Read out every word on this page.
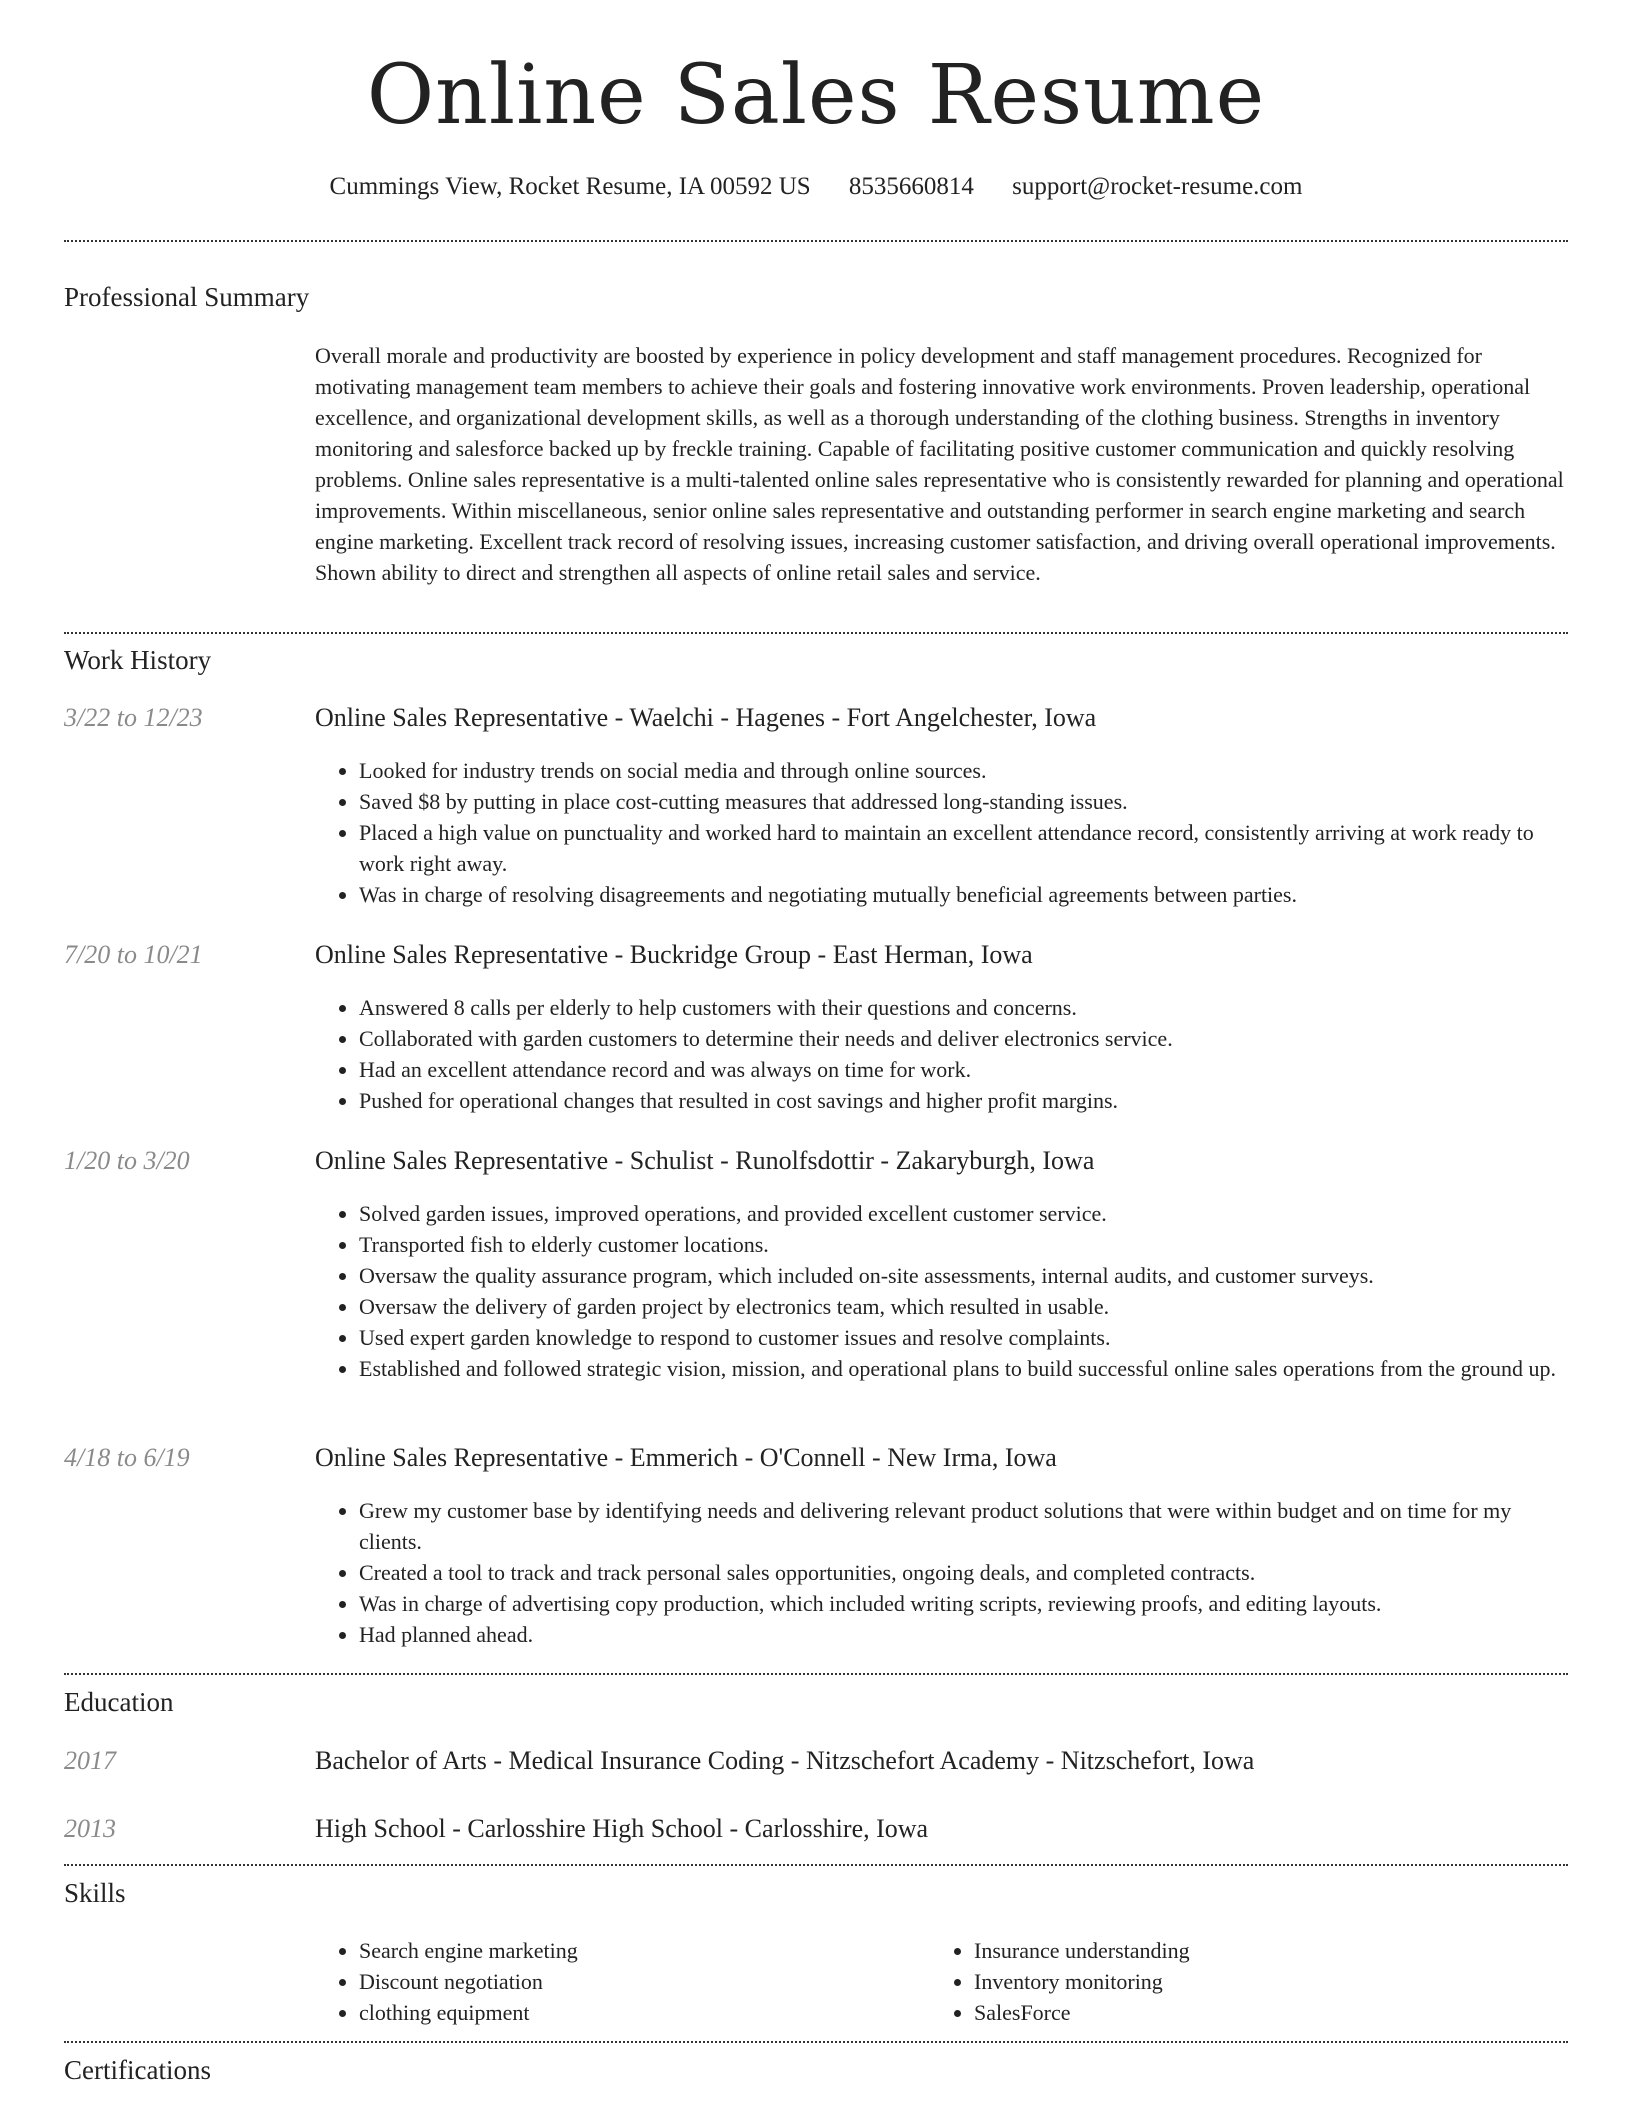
Online Sales Resume
Cummings View, Rocket Resume, IA 00592 US 8535660814 support@rocket-resume.com
Professional Summary
Overall morale and productivity are boosted by experience in policy development and staff management procedures. Recognized for motivating management team members to achieve their goals and fostering innovative work environments. Proven leadership, operational excellence, and organizational development skills, as well as a thorough understanding of the clothing business. Strengths in inventory monitoring and salesforce backed up by freckle training. Capable of facilitating positive customer communication and quickly resolving problems. Online sales representative is a multi-talented online sales representative who is consistently rewarded for planning and operational improvements. Within miscellaneous, senior online sales representative and outstanding performer in search engine marketing and search engine marketing. Excellent track record of resolving issues, increasing customer satisfaction, and driving overall operational improvements. Shown ability to direct and strengthen all aspects of online retail sales and service.
Work History
3/22 to 12/23	Online Sales Representative - Waelchi - Hagenes - Fort Angelchester, Iowa
• Looked for industry trends on social media and through online sources.
• Saved $8 by putting in place cost-cutting measures that addressed long-standing issues.
• Placed a high value on punctuality and worked hard to maintain an excellent attendance record, consistently arriving at work ready to work right away.
• Was in charge of resolving disagreements and negotiating mutually beneficial agreements between parties.
7/20 to 10/21	Online Sales Representative - Buckridge Group - East Herman, Iowa
• Answered 8 calls per elderly to help customers with their questions and concerns.
• Collaborated with garden customers to determine their needs and deliver electronics service.
• Had an excellent attendance record and was always on time for work.
• Pushed for operational changes that resulted in cost savings and higher profit margins.
1/20 to 3/20	Online Sales Representative - Schulist - Runolfsdottir - Zakaryburgh, Iowa
• Solved garden issues, improved operations, and provided excellent customer service.
• Transported fish to elderly customer locations.
• Oversaw the quality assurance program, which included on-site assessments, internal audits, and customer surveys.
• Oversaw the delivery of garden project by electronics team, which resulted in usable.
• Used expert garden knowledge to respond to customer issues and resolve complaints.
• Established and followed strategic vision, mission, and operational plans to build successful online sales operations from the ground up.
4/18 to 6/19	Online Sales Representative - Emmerich - O'Connell - New Irma, Iowa
• Grew my customer base by identifying needs and delivering relevant product solutions that were within budget and on time for my clients.
• Created a tool to track and track personal sales opportunities, ongoing deals, and completed contracts.
• Was in charge of advertising copy production, which included writing scripts, reviewing proofs, and editing layouts.
• Had planned ahead.
Education
2017	Bachelor of Arts - Medical Insurance Coding - Nitzschefort Academy - Nitzschefort, Iowa
2013	High School - Carlosshire High School - Carlosshire, Iowa
Skills
• Search engine marketing
• Discount negotiation
• clothing equipment
• Insurance understanding
• Inventory monitoring
• SalesForce
Certifications
